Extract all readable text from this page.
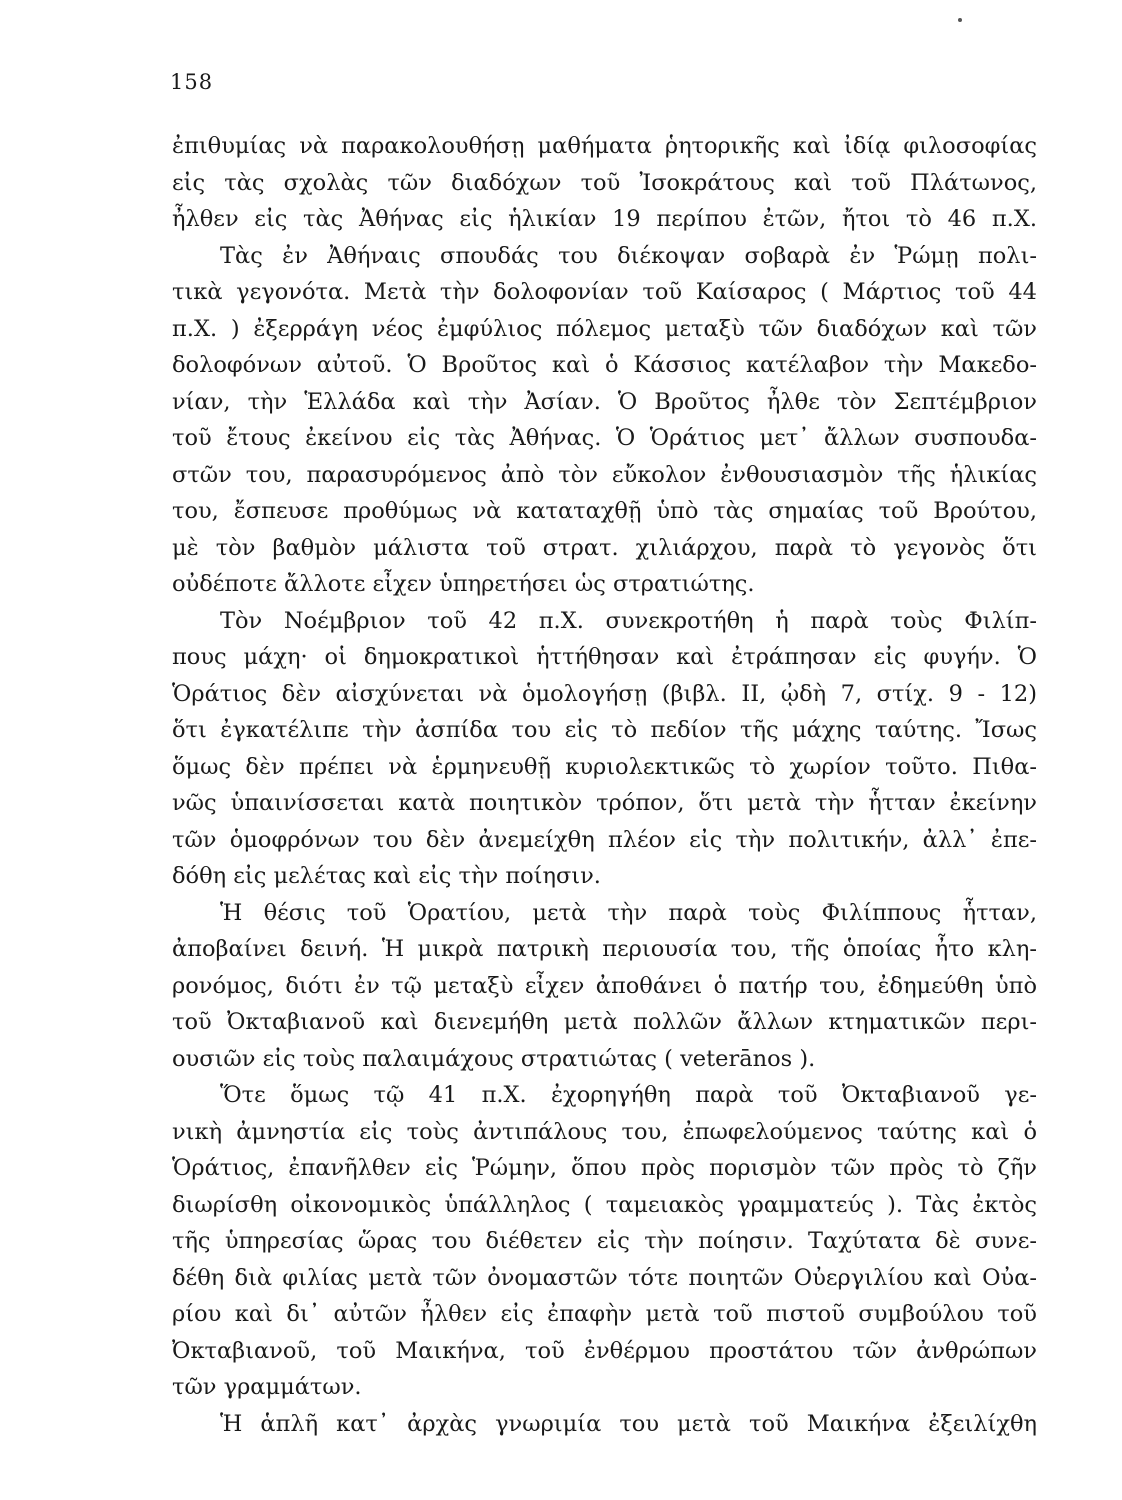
158
ἐπιθυμίας νὰ παρακολουθήσῃ μαθήματα ῥητορικῆς καὶ ἰδίᾳ φιλοσοφίας
εἰς τὰς σχολὰς τῶν διαδόχων τοῦ Ἰσοκράτους καὶ τοῦ Πλάτωνος,
ἦλθεν εἰς τὰς Ἀθήνας εἰς ἡλικίαν 19 περίπου ἐτῶν, ἤτοι τὸ 46 π.Χ.
Τὰς ἐν Ἀθήναις σπουδάς του διέκοψαν σοβαρὰ ἐν Ῥώμῃ πολι-
τικὰ γεγονότα. Μετὰ τὴν δολοφονίαν τοῦ Καίσαρος ( Μάρτιος τοῦ 44
π.Χ. ) ἐξερράγη νέος ἐμφύλιος πόλεμος μεταξὺ τῶν διαδόχων καὶ τῶν
δολοφόνων αὐτοῦ. Ὁ Βροῦτος καὶ ὁ Κάσσιος κατέλαβον τὴν Μακεδο-
νίαν, τὴν Ἑλλάδα καὶ τὴν Ἀσίαν. Ὁ Βροῦτος ἦλθε τὸν Σεπτέμβριον
τοῦ ἔτους ἐκείνου εἰς τὰς Ἀθήνας. Ὁ Ὁράτιος μετ᾽ ἄλλων συσπουδα-
στῶν του, παρασυρόμενος ἀπὸ τὸν εὔκολον ἐνθουσιασμὸν τῆς ἡλικίας
του, ἔσπευσε προθύμως νὰ καταταχθῇ ὑπὸ τὰς σημαίας τοῦ Βρούτου,
μὲ τὸν βαθμὸν μάλιστα τοῦ στρατ. χιλιάρχου, παρὰ τὸ γεγονὸς ὅτι
οὐδέποτε ἄλλοτε εἶχεν ὑπηρετήσει ὡς στρατιώτης.
Τὸν Νοέμβριον τοῦ 42 π.Χ. συνεκροτήθη ἡ παρὰ τοὺς Φιλίπ-
πους μάχη· οἱ δημοκρατικοὶ ἡττήθησαν καὶ ἐτράπησαν εἰς φυγήν. Ὁ
Ὁράτιος δὲν αἰσχύνεται νὰ ὁμολογήσῃ (βιβλ. II, ᾠδὴ 7, στίχ. 9 - 12)
ὅτι ἐγκατέλιπε τὴν ἀσπίδα του εἰς τὸ πεδίον τῆς μάχης ταύτης. Ἴσως
ὅμως δὲν πρέπει νὰ ἑρμηνευθῇ κυριολεκτικῶς τὸ χωρίον τοῦτο. Πιθα-
νῶς ὑπαινίσσεται κατὰ ποιητικὸν τρόπον, ὅτι μετὰ τὴν ἧτταν ἐκείνην
τῶν ὁμοφρόνων του δὲν ἀνεμείχθη πλέον εἰς τὴν πολιτικήν, ἀλλ᾽ ἐπε-
δόθη εἰς μελέτας καὶ εἰς τὴν ποίησιν.
Ἡ θέσις τοῦ Ὁρατίου, μετὰ τὴν παρὰ τοὺς Φιλίππους ἧτταν,
ἀποβαίνει δεινή. Ἡ μικρὰ πατρικὴ περιουσία του, τῆς ὁποίας ἦτο κλη-
ρονόμος, διότι ἐν τῷ μεταξὺ εἶχεν ἀποθάνει ὁ πατήρ του, ἐδημεύθη ὑπὸ
τοῦ Ὀκταβιανοῦ καὶ διενεμήθη μετὰ πολλῶν ἄλλων κτηματικῶν περι-
ουσιῶν εἰς τοὺς παλαιμάχους στρατιώτας ( veterānos ).
Ὅτε ὅμως τῷ 41 π.Χ. ἐχορηγήθη παρὰ τοῦ Ὀκταβιανοῦ γε-
νικὴ ἀμνηστία εἰς τοὺς ἀντιπάλους του, ἐπωφελούμενος ταύτης καὶ ὁ
Ὁράτιος, ἐπανῆλθεν εἰς Ῥώμην, ὅπου πρὸς πορισμὸν τῶν πρὸς τὸ ζῆν
διωρίσθη οἰκονομικὸς ὑπάλληλος ( ταμειακὸς γραμματεύς ). Τὰς ἐκτὸς
τῆς ὑπηρεσίας ὥρας του διέθετεν εἰς τὴν ποίησιν. Ταχύτατα δὲ συνε-
δέθη διὰ φιλίας μετὰ τῶν ὀνομαστῶν τότε ποιητῶν Οὐεργιλίου καὶ Οὐα-
ρίου καὶ δι᾽ αὐτῶν ἦλθεν εἰς ἐπαφὴν μετὰ τοῦ πιστοῦ συμβούλου τοῦ
Ὀκταβιανοῦ, τοῦ Μαικήνα, τοῦ ἐνθέρμου προστάτου τῶν ἀνθρώπων
τῶν γραμμάτων.
Ἡ ἁπλῆ κατ᾽ ἀρχὰς γνωριμία του μετὰ τοῦ Μαικήνα ἐξειλίχθη
